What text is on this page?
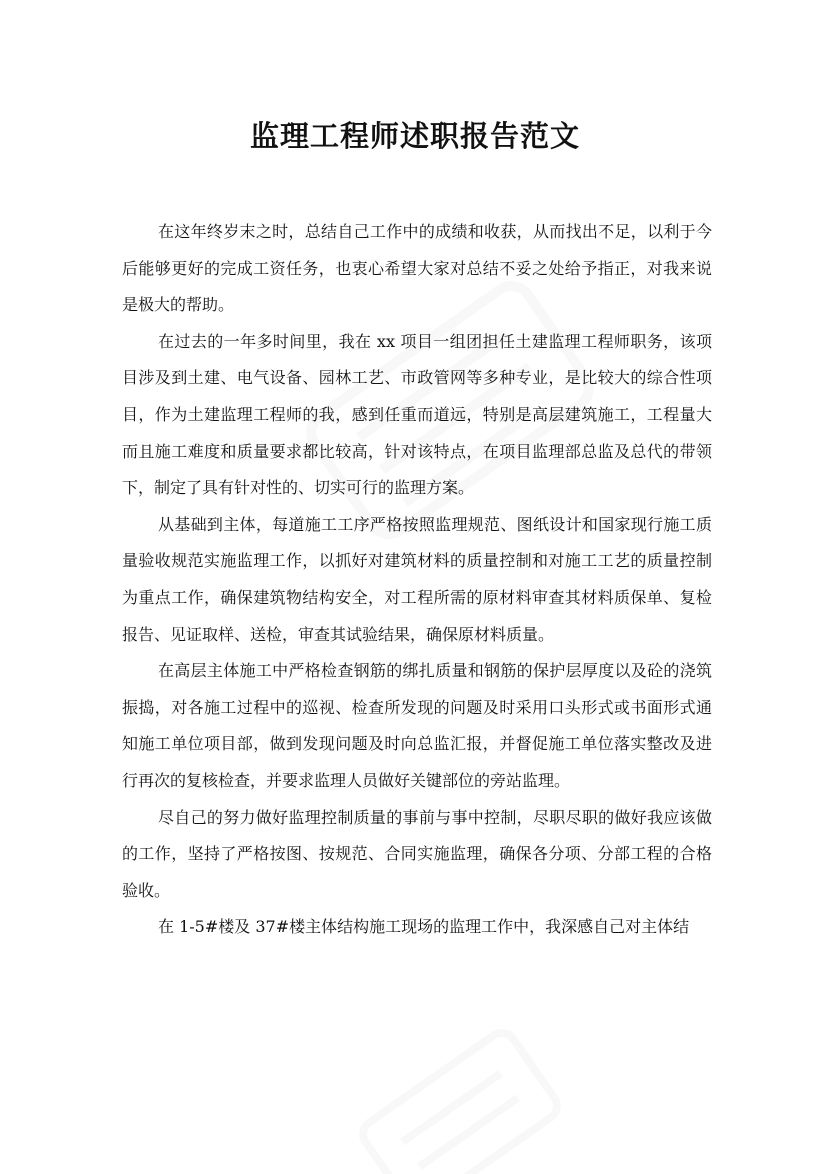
监理工程师述职报告范文

在这年终岁末之时，总结自己工作中的成绩和收获，从而找出不足，以利于今后能够更好的完成工资任务，也衷心希望大家对总结不妥之处给予指正，对我来说是极大的帮助。

在过去的一年多时间里，我在 xx 项目一组团担任土建监理工程师职务，该项目涉及到土建、电气设备、园林工艺、市政管网等多种专业，是比较大的综合性项目，作为土建监理工程师的我，感到任重而道远，特别是高层建筑施工，工程量大而且施工难度和质量要求都比较高，针对该特点，在项目监理部总监及总代的带领下，制定了具有针对性的、切实可行的监理方案。

从基础到主体，每道施工工序严格按照监理规范、图纸设计和国家现行施工质量验收规范实施监理工作，以抓好对建筑材料的质量控制和对施工工艺的质量控制为重点工作，确保建筑物结构安全，对工程所需的原材料审查其材料质保单、复检报告、见证取样、送检，审查其试验结果，确保原材料质量。

在高层主体施工中严格检查钢筋的绑扎质量和钢筋的保护层厚度以及砼的浇筑振捣，对各施工过程中的巡视、检查所发现的问题及时采用口头形式或书面形式通知施工单位项目部，做到发现问题及时向总监汇报，并督促施工单位落实整改及进行再次的复核检查，并要求监理人员做好关键部位的旁站监理。

尽自己的努力做好监理控制质量的事前与事中控制，尽职尽职的做好我应该做的工作，坚持了严格按图、按规范、合同实施监理，确保各分项、分部工程的合格验收。

在 1-5#楼及 37#楼主体结构施工现场的监理工作中，我深感自己对主体结
